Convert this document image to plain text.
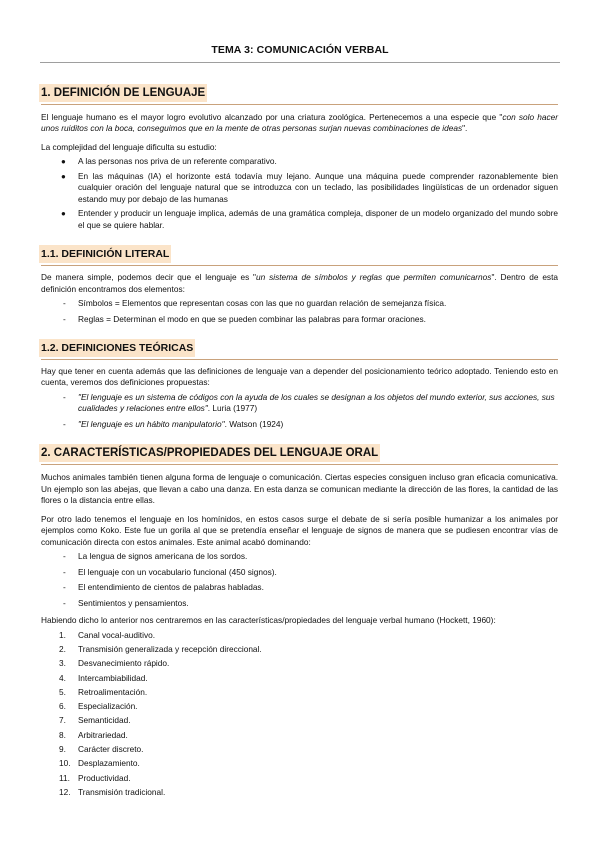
TEMA 3: COMUNICACIÓN VERBAL
1. DEFINICIÓN DE LENGUAJE

El lenguaje humano es el mayor logro evolutivo alcanzado por una criatura zoológica. Pertenecemos a una especie que "con solo hacer unos ruiditos con la boca, conseguimos que en la mente de otras personas surjan nuevas combinaciones de ideas".

La complejidad del lenguaje dificulta su estudio:

● A las personas nos priva de un referente comparativo.
● En las máquinas (IA) el horizonte está todavía muy lejano. Aunque una máquina puede comprender razonablemente bien cualquier oración del lenguaje natural que se introduzca con un teclado, las posibilidades lingüísticas de un ordenador siguen estando muy por debajo de las humanas
● Entender y producir un lenguaje implica, además de una gramática compleja, disponer de un modelo organizado del mundo sobre el que se quiere hablar.
1.1. DEFINICIÓN LITERAL

De manera simple, podemos decir que el lenguaje es "un sistema de símbolos y reglas que permiten comunicarnos". Dentro de esta definición encontramos dos elementos:

- Símbolos = Elementos que representan cosas con las que no guardan relación de semejanza física.
- Reglas = Determinan el modo en que se pueden combinar las palabras para formar oraciones.
1.2. DEFINICIONES TEÓRICAS

Hay que tener en cuenta además que las definiciones de lenguaje van a depender del posicionamiento teórico adoptado. Teniendo esto en cuenta, veremos dos definiciones propuestas:

- "El lenguaje es un sistema de códigos con la ayuda de los cuales se designan a los objetos del mundo exterior, sus acciones, sus cualidades y relaciones entre ellos". Luria (1977)
- "El lenguaje es un hábito manipulatorio". Watson (1924)
2. CARACTERÍSTICAS/PROPIEDADES DEL LENGUAJE ORAL

Muchos animales también tienen alguna forma de lenguaje o comunicación. Ciertas especies consiguen incluso gran eficacia comunicativa. Un ejemplo son las abejas, que llevan a cabo una danza. En esta danza se comunican mediante la dirección de las flores, la cantidad de las flores o la distancia entre ellas.

Por otro lado tenemos el lenguaje en los homínidos, en estos casos surge el debate de si sería posible humanizar a los animales por ejemplos como Koko. Este fue un gorila al que se pretendía enseñar el lenguaje de signos de manera que se pudiesen encontrar vías de comunicación directa con estos animales. Este animal acabó dominando:

- La lengua de signos americana de los sordos.
- El lenguaje con un vocabulario funcional (450 signos).
- El entendimiento de cientos de palabras habladas.
- Sentimientos y pensamientos.

Habiendo dicho lo anterior nos centraremos en las características/propiedades del lenguaje verbal humano (Hockett, 1960):

1. Canal vocal-auditivo.
2. Transmisión generalizada y recepción direccional.
3. Desvanecimiento rápido.
4. Intercambiabilidad.
5. Retroalimentación.
6. Especialización.
7. Semanticidad.
8. Arbitrariedad.
9. Carácter discreto.
10. Desplazamiento.
11. Productividad.
12. Transmisión tradicional.
